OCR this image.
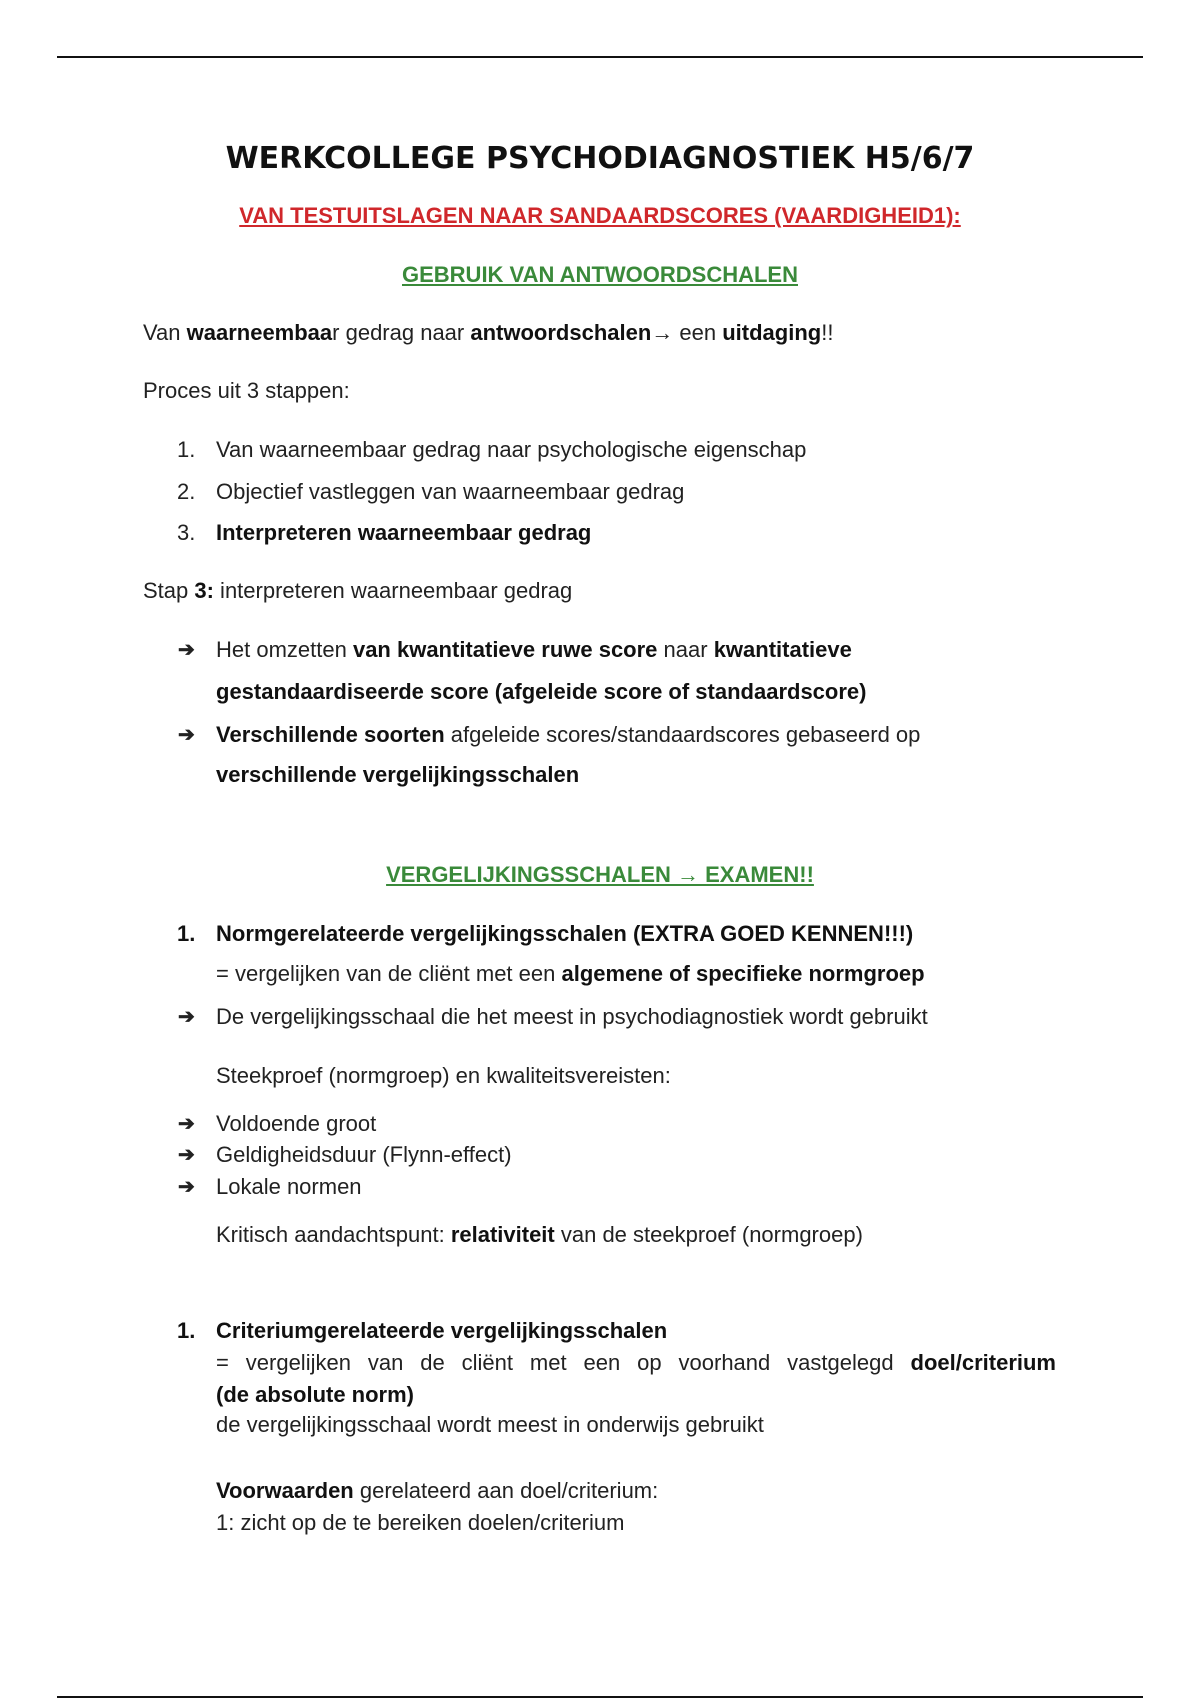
WERKCOLLEGE PSYCHODIAGNOSTIEK H5/6/7
VAN TESTUITSLAGEN NAAR SANDAARDSCORES (VAARDIGHEID1):
GEBRUIK VAN ANTWOORDSCHALEN
Van waarneembaar gedrag naar antwoordschalen→ een uitdaging!!
Proces uit 3 stappen:
1. Van waarneembaar gedrag naar psychologische eigenschap
2. Objectief vastleggen van waarneembaar gedrag
3. Interpreteren waarneembaar gedrag
Stap 3: interpreteren waarneembaar gedrag
➔ Het omzetten van kwantitatieve ruwe score naar kwantitatieve
gestandaardiseerde score (afgeleide score of standaardscore)
➔ Verschillende soorten afgeleide scores/standaardscores gebaseerd op
verschillende vergelijkingsschalen
VERGELIJKINGSSCHALEN → EXAMEN!!
1. Normgerelateerde vergelijkingsschalen (EXTRA GOED KENNEN!!!)
= vergelijken van de cliënt met een algemene of specifieke normgroep
➔ De vergelijkingsschaal die het meest in psychodiagnostiek wordt gebruikt
Steekproef (normgroep) en kwaliteitsvereisten:
➔ Voldoende groot
➔ Geldigheidsduur (Flynn-effect)
➔ Lokale normen
Kritisch aandachtspunt: relativiteit van de steekproef (normgroep)
1. Criteriumgerelateerde vergelijkingsschalen
= vergelijken van de cliënt met een op voorhand vastgelegd doel/criterium
(de absolute norm)
de vergelijkingsschaal wordt meest in onderwijs gebruikt
Voorwaarden gerelateerd aan doel/criterium:
1: zicht op de te bereiken doelen/criterium
